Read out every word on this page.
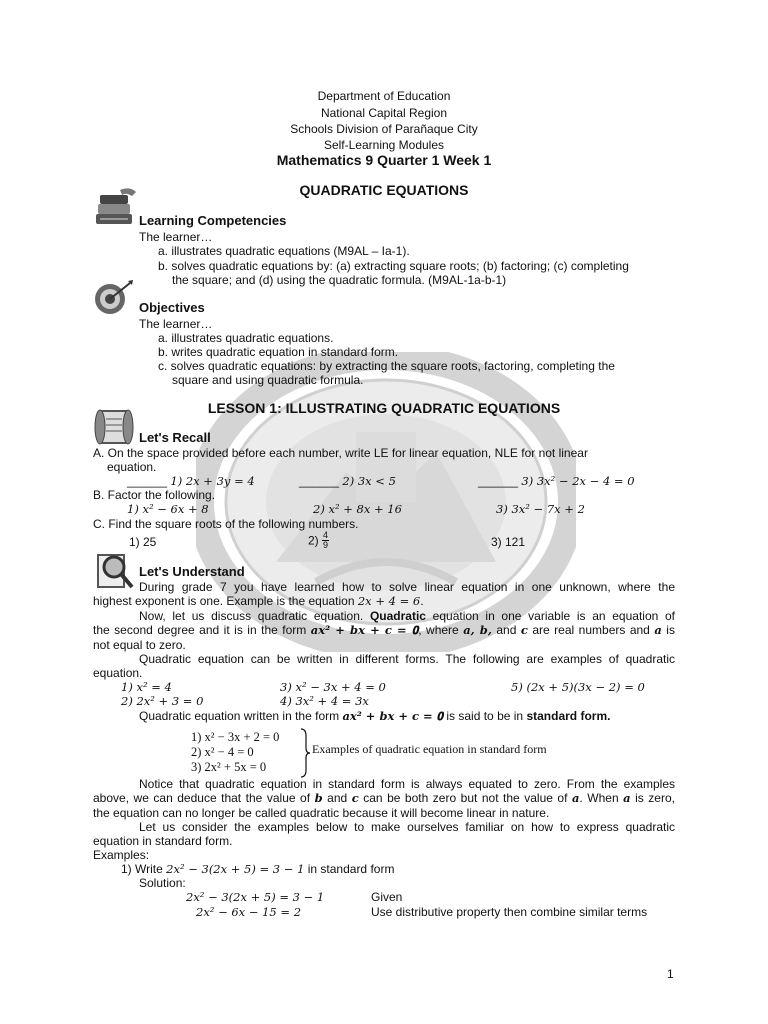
Department of Education
National Capital Region
Schools Division of Parañaque City
Self-Learning Modules
Mathematics 9 Quarter 1 Week 1
QUADRATIC EQUATIONS
Learning Competencies
The learner…
a. illustrates quadratic equations (M9AL – Ia-1).
b. solves quadratic equations by: (a) extracting square roots; (b) factoring; (c) completing
the square; and (d) using the quadratic formula. (M9AL-1a-b-1)
Objectives
The learner…
a. illustrates quadratic equations.
b. writes quadratic equation in standard form.
c. solves quadratic equations: by extracting the square roots, factoring, completing the
square and using quadratic formula.
LESSON 1: ILLUSTRATING QUADRATIC EQUATIONS
Let's Recall
A. On the space provided before each number, write LE for linear equation, NLE for not linear
equation.
______ 1) 2𝑥 + 3𝑦 = 4	______ 2) 3𝑥 < 5	______ 3) 3𝑥² − 2𝑥 − 4 = 0
B. Factor the following.
1) 𝑥² − 6𝑥 + 8	2) 𝑥² + 8𝑥 + 16	3) 3𝑥² − 7𝑥 + 2
C. Find the square roots of the following numbers.
1) 25	$2) \frac{4}{9}$	3) 121
Let's Understand
During grade 7 you have learned how to solve linear equation in one unknown, where the
highest exponent is one. Example is the equation 2𝑥 + 4 = 6.
Now, let us discuss quadratic equation. Quadratic equation in one variable is an equation of
the second degree and it is in the form 𝒂𝒙² + 𝒃𝒙 + 𝒄 = 𝟎, where 𝒂, 𝒃, and 𝒄 are real numbers and 𝒂 is
not equal to zero.
Quadratic equation can be written in different forms. The following are examples of quadratic
equation.
1) 𝑥² = 4	3) 𝑥² − 3𝑥 + 4 = 0	5) (2𝑥 + 5)(3𝑥 − 2) = 0
2) 2𝑥² + 3 = 0	4) 3𝑥² + 4 = 3𝑥
Quadratic equation written in the form 𝒂𝒙² + 𝒃𝒙 + 𝒄 = 𝟎 is said to be in standard form.
1) x² − 3x + 2 = 0
2) x² − 4 = 0
3) 2x² + 5x = 0
Examples of quadratic equation in standard form
Notice that quadratic equation in standard form is always equated to zero. From the examples
above, we can deduce that the value of 𝒃 and 𝒄 can be both zero but not the value of 𝒂. When 𝒂 is zero,
the equation can no longer be called quadratic because it will become linear in nature.
Let us consider the examples below to make ourselves familiar on how to express quadratic
equation in standard form.
Examples:
1) Write 2𝑥² − 3(2𝑥 + 5) = 3 − 1 in standard form
Solution:
2𝑥² − 3(2𝑥 + 5) = 3 − 1	Given
2𝑥² − 6𝑥 − 15 = 2	Use distributive property then combine similar terms
1
